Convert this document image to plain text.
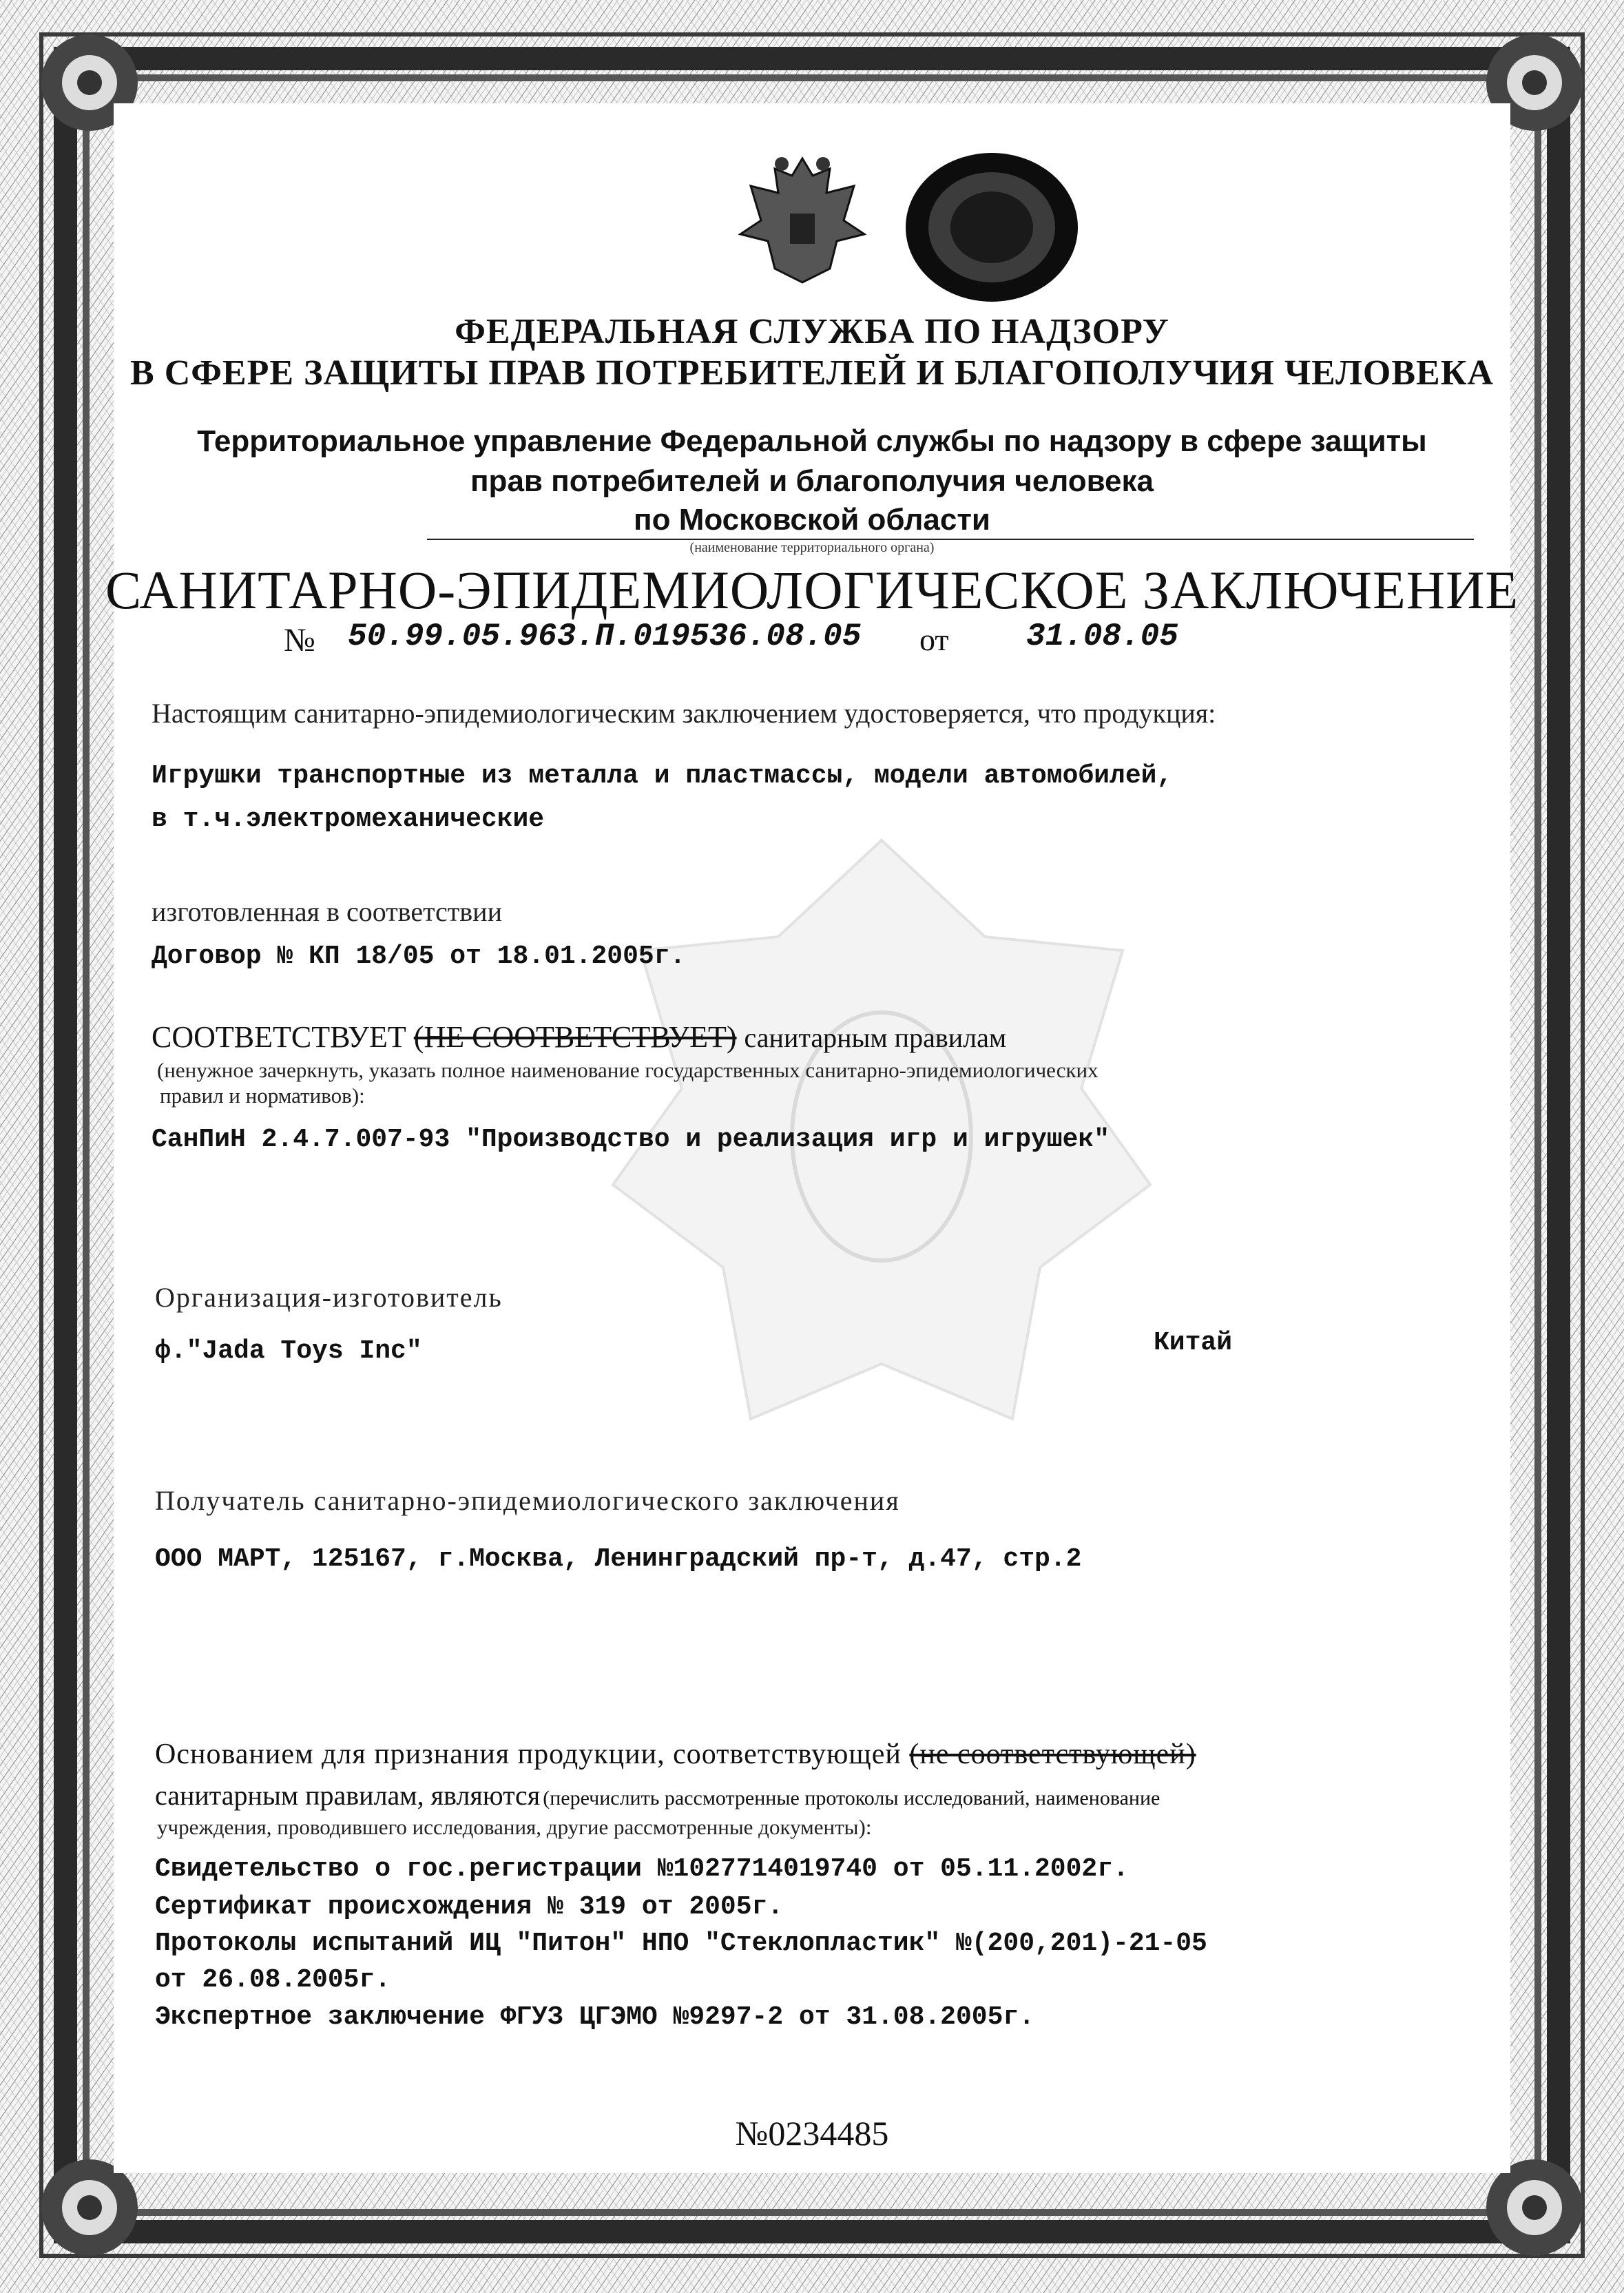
ФЕДЕРАЛЬНАЯ СЛУЖБА ПО НАДЗОРУ
В СФЕРЕ ЗАЩИТЫ ПРАВ ПОТРЕБИТЕЛЕЙ И БЛАГОПОЛУЧИЯ ЧЕЛОВЕКА
Территориальное управление Федеральной службы по надзору в сфере защиты
прав потребителей и благополучия человека
по Московской области
(наименование территориального органа)
САНИТАРНО-ЭПИДЕМИОЛОГИЧЕСКОЕ ЗАКЛЮЧЕНИЕ
№ 50.99.05.963.П.019536.08.05 от 31.08.05
Настоящим санитарно-эпидемиологическим заключением удостоверяется, что продукция:
Игрушки транспортные из металла и пластмассы, модели автомобилей,
в т.ч.электромеханические
изготовленная в соответствии
Договор № КП 18/05 от 18.01.2005г.
СООТВЕТСТВУЕТ (НЕ СООТВЕТСТВУЕТ) санитарным правилам
(ненужное зачеркнуть, указать полное наименование государственных санитарно-эпидемиологических
правил и нормативов):
СанПиН 2.4.7.007-93 "Производство и реализация игр и игрушек"
Организация-изготовитель
ф."Jada Toys Inc"	Китай
Получатель санитарно-эпидемиологического заключения
ООО МАРТ, 125167, г.Москва, Ленинградский пр-т, д.47, стр.2
Основанием для признания продукции, соответствующей (не соответствующей)
санитарным правилам, являются (перечислить рассмотренные протоколы исследований, наименование
учреждения, проводившего исследования, другие рассмотренные документы):
Свидетельство о гос.регистрации №1027714019740 от 05.11.2002г.
Сертификат происхождения № 319 от 2005г.
Протоколы испытаний ИЦ "Питон" НПО "Стеклопластик" №(200,201)-21-05
от 26.08.2005г.
Экспертное заключение ФГУЗ ЦГЭМО №9297-2 от 31.08.2005г.
№0234485
